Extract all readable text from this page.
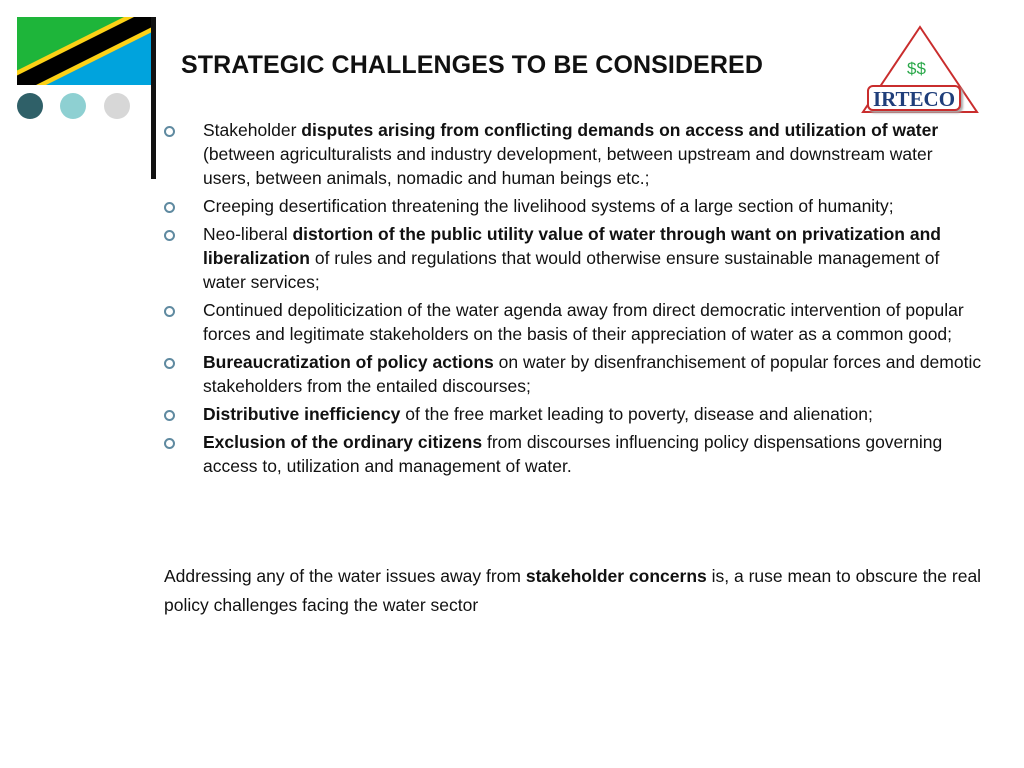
STRATEGIC CHALLENGES TO BE CONSIDERED	$$
IRTECO
Stakeholder disputes arising from conflicting demands on access and utilization of water (between agriculturalists and industry development, between upstream and downstream water users, between animals, nomadic and human beings etc.;
Creeping desertification threatening the livelihood systems of a large section of humanity;
Neo-liberal distortion of the public utility value of water through want on privatization and liberalization of rules and regulations that would otherwise ensure sustainable management of water services;
Continued depoliticization of the water agenda away from direct democratic intervention of popular forces and legitimate stakeholders on the basis of their appreciation of water as a common good;
Bureaucratization of policy actions on water by disenfranchisement of popular forces and demotic stakeholders from the entailed discourses;
Distributive inefficiency of the free market leading to poverty, disease and alienation;
Exclusion of the ordinary citizens from discourses influencing policy dispensations governing access to, utilization and management of water.
Addressing any of the water issues away from stakeholder concerns is, a ruse mean to obscure the real policy challenges facing the water sector
